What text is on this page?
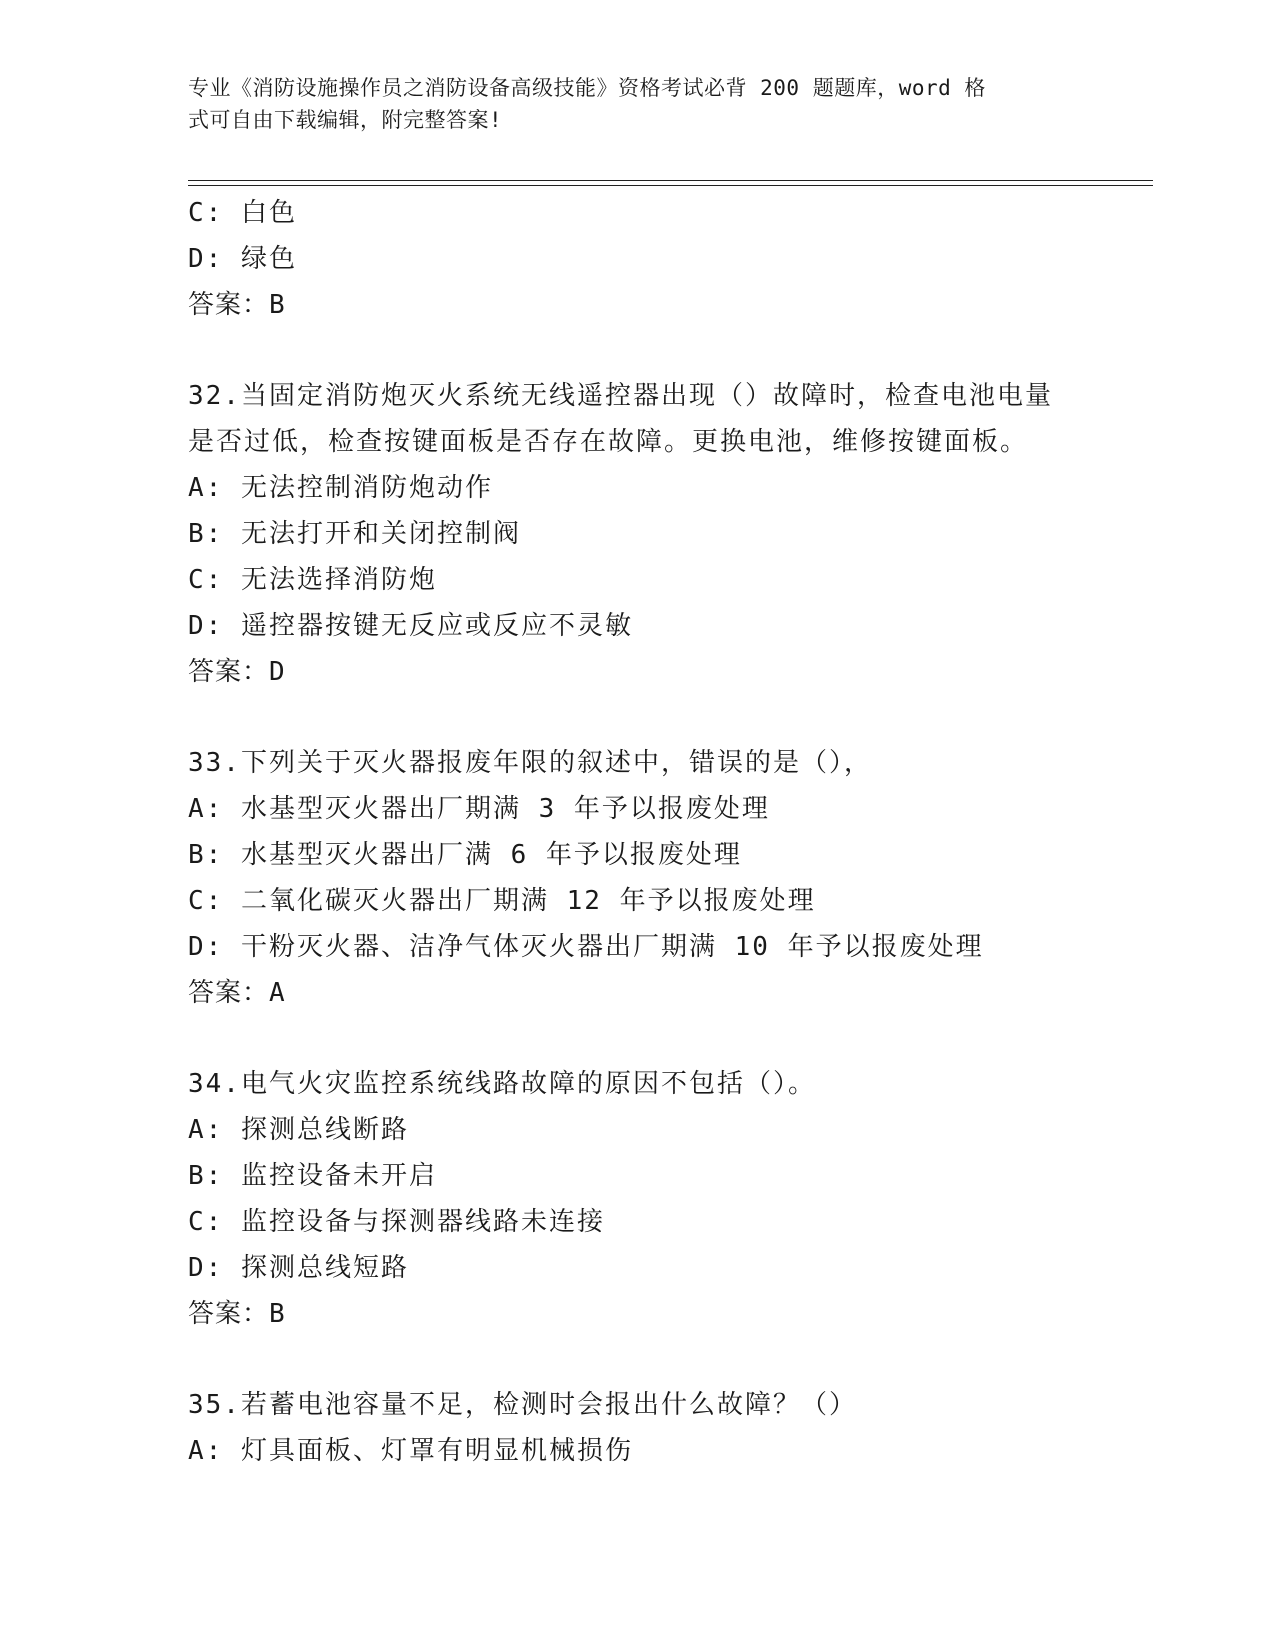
专业《消防设施操作员之消防设备高级技能》资格考试必背 200 题题库，word 格
式可自由下载编辑，附完整答案!
C: 白色
D: 绿色
答案：B
32.当固定消防炮灭火系统无线遥控器出现（）故障时，检查电池电量
是否过低，检查按键面板是否存在故障。更换电池，维修按键面板。
A: 无法控制消防炮动作
B: 无法打开和关闭控制阀
C: 无法选择消防炮
D: 遥控器按键无反应或反应不灵敏
答案：D
33.下列关于灭火器报废年限的叙述中，错误的是（），
A: 水基型灭火器出厂期满 3 年予以报废处理
B: 水基型灭火器出厂满 6 年予以报废处理
C: 二氧化碳灭火器出厂期满 12 年予以报废处理
D: 干粉灭火器、洁净气体灭火器出厂期满 10 年予以报废处理
答案：A
34.电气火灾监控系统线路故障的原因不包括（）。
A: 探测总线断路
B: 监控设备未开启
C: 监控设备与探测器线路未连接
D: 探测总线短路
答案：B
35.若蓄电池容量不足，检测时会报出什么故障？（）
A: 灯具面板、灯罩有明显机械损伤
